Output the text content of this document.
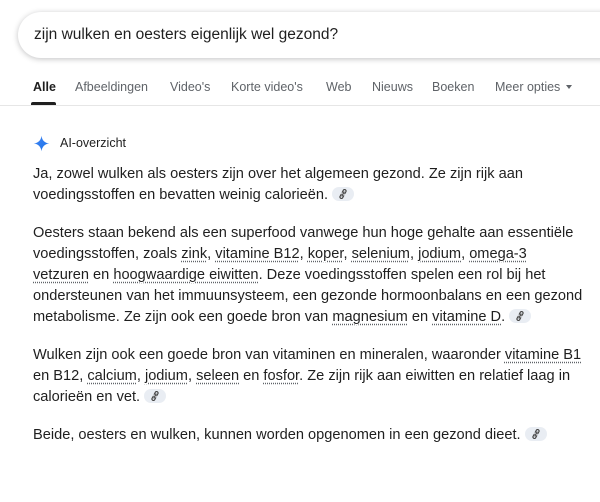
zijn wulken en oesters eigenlijk wel gezond?
Alle Afbeeldingen Video's Korte video's Web Nieuws Boeken Meer opties
AI-overzicht

Ja, zowel wulken als oesters zijn over het algemeen gezond. Ze zijn rijk aan voedingsstoffen en bevatten weinig calorieën.

Oesters staan bekend als een superfood vanwege hun hoge gehalte aan essentiële voedingsstoffen, zoals zink, vitamine B12, koper, selenium, jodium, omega-3 vetzuren en hoogwaardige eiwitten. Deze voedingsstoffen spelen een rol bij het ondersteunen van het immuunsysteem, een gezonde hormoonbalans en een gezond metabolisme. Ze zijn ook een goede bron van magnesium en vitamine D.

Wulken zijn ook een goede bron van vitaminen en mineralen, waaronder vitamine B1 en B12, calcium, jodium, seleen en fosfor. Ze zijn rijk aan eiwitten en relatief laag in calorieën en vet.

Beide, oesters en wulken, kunnen worden opgenomen in een gezond dieet.
